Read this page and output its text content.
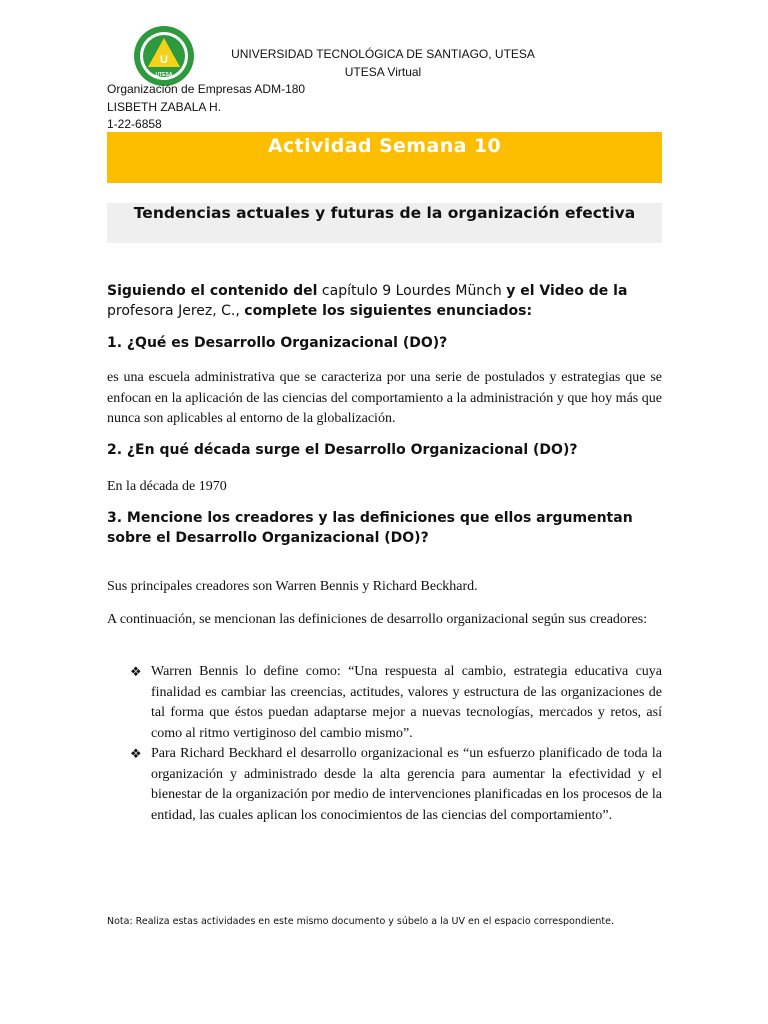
U
UTESA
UNIVERSIDAD TECNOLÓGICA DE SANTIAGO, UTESA
UTESA Virtual
Organización de Empresas ADM-180
LISBETH ZABALA H.
1-22-6858
Actividad Semana 10
Tendencias actuales y futuras de la organización efectiva
Siguiendo el contenido del capítulo 9 Lourdes Münch y el Video de la
profesora Jerez, C., complete los siguientes enunciados:
1. ¿Qué es Desarrollo Organizacional (DO)?
es una escuela administrativa que se caracteriza por una serie de postulados y estrategias que se enfocan en la aplicación de las ciencias del comportamiento a la administración y que hoy más que nunca son aplicables al entorno de la globalización.
2. ¿En qué década surge el Desarrollo Organizacional (DO)?
En la década de 1970
3. Mencione los creadores y las definiciones que ellos argumentan
sobre el Desarrollo Organizacional (DO)?
Sus principales creadores son Warren Bennis y Richard Beckhard.
A continuación, se mencionan las definiciones de desarrollo organizacional según sus creadores:
❖ Warren Bennis lo define como: “Una respuesta al cambio, estrategia educativa cuya finalidad es cambiar las creencias, actitudes, valores y estructura de las organizaciones de tal forma que éstos puedan adaptarse mejor a nuevas tecnologías, mercados y retos, así como al ritmo vertiginoso del cambio mismo”.
❖ Para Richard Beckhard el desarrollo organizacional es “un esfuerzo planificado de toda la organización y administrado desde la alta gerencia para aumentar la efectividad y el bienestar de la organización por medio de intervenciones planificadas en los procesos de la entidad, las cuales aplican los conocimientos de las ciencias del comportamiento”.
Nota: Realiza estas actividades en este mismo documento y súbelo a la UV en el espacio correspondiente.
